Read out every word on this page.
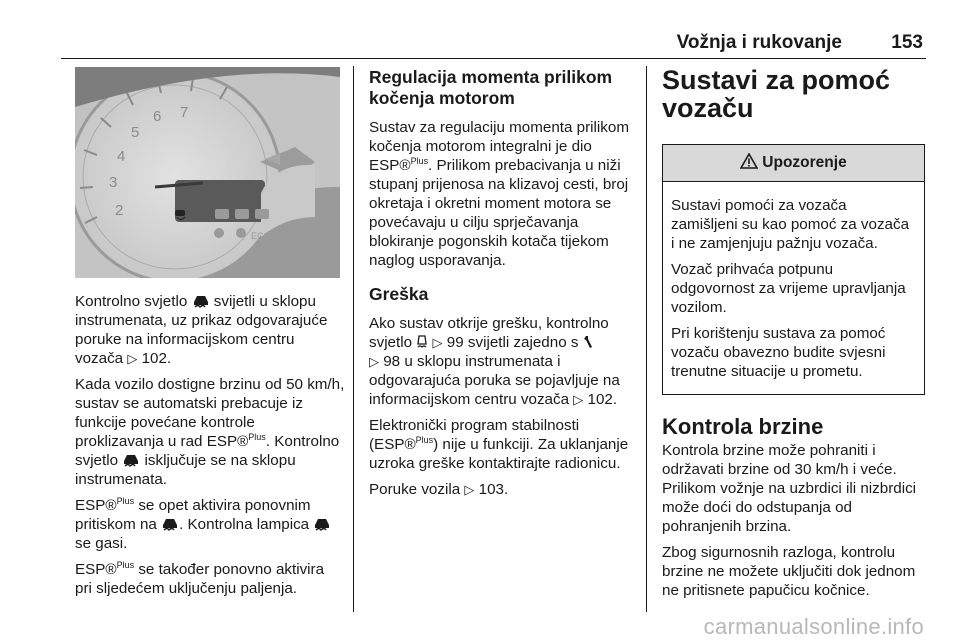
Vožnja i rukovanje	153
2
3
4
5
6 7
ECO

Kontrolno svjetlo svijetli u sklopu instrumenata, uz prikaz odgovarajuće poruke na informacijskom centru vozača ▷ 102.

Kada vozilo dostigne brzinu od 50 km/h, sustav se automatski prebacuje iz funkcije povećane kontrole proklizavanja u rad ESP®$^{Plus}$. Kontrolno svjetlo isključuje se na sklopu instrumenata.

ESP®$^{Plus}$ se opet aktivira ponovnim pritiskom na . Kontrolna lampica  se gasi.

ESP®$^{Plus}$ se također ponovno aktivira pri sljedećem uključenju paljenja.

Regulacija momenta prilikom kočenja motorom

Sustav za regulaciju momenta prilikom kočenja motorom integralni je dio ESP®$^{Plus}$. Prilikom prebacivanja u niži stupanj prijenosa na klizavoj cesti, broj okretaja i okretni moment motora se povećavaju u cilju sprječavanja blokiranje pogonskih kotača tijekom naglog usporavanja.

Greška

Ako sustav otkrije grešku, kontrolno svjetlo ▷ 99 svijetli zajedno s
▷ 98 u sklopu instrumenata i odgovarajuća poruka se pojavljuje na informacijskom centru vozača ▷ 102.

Elektronički program stabilnosti (ESP®$^{Plus}$) nije u funkciji. Za uklanjanje uzroka greške kontaktirajte radionicu.

Poruke vozila ▷ 103.

Sustavi za pomoć vozaču
Upozorenje

Sustavi pomoći za vozača zamišljeni su kao pomoć za vozača i ne zamjenjuju pažnju vozača.

Vozač prihvaća potpunu odgovornost za vrijeme upravljanja vozilom.

Pri korištenju sustava za pomoć vozaču obavezno budite svjesni trenutne situacije u prometu.

Kontrola brzine

Kontrola brzine može pohraniti i održavati brzine od 30 km/h i veće. Prilikom vožnje na uzbrdici ili nizbrdici može doći do odstupanja od pohranjenih brzina.

Zbog sigurnosnih razloga, kontrolu brzine ne možete uključiti dok jednom ne pritisnete papučicu kočnice.

carmanualsonline.info
